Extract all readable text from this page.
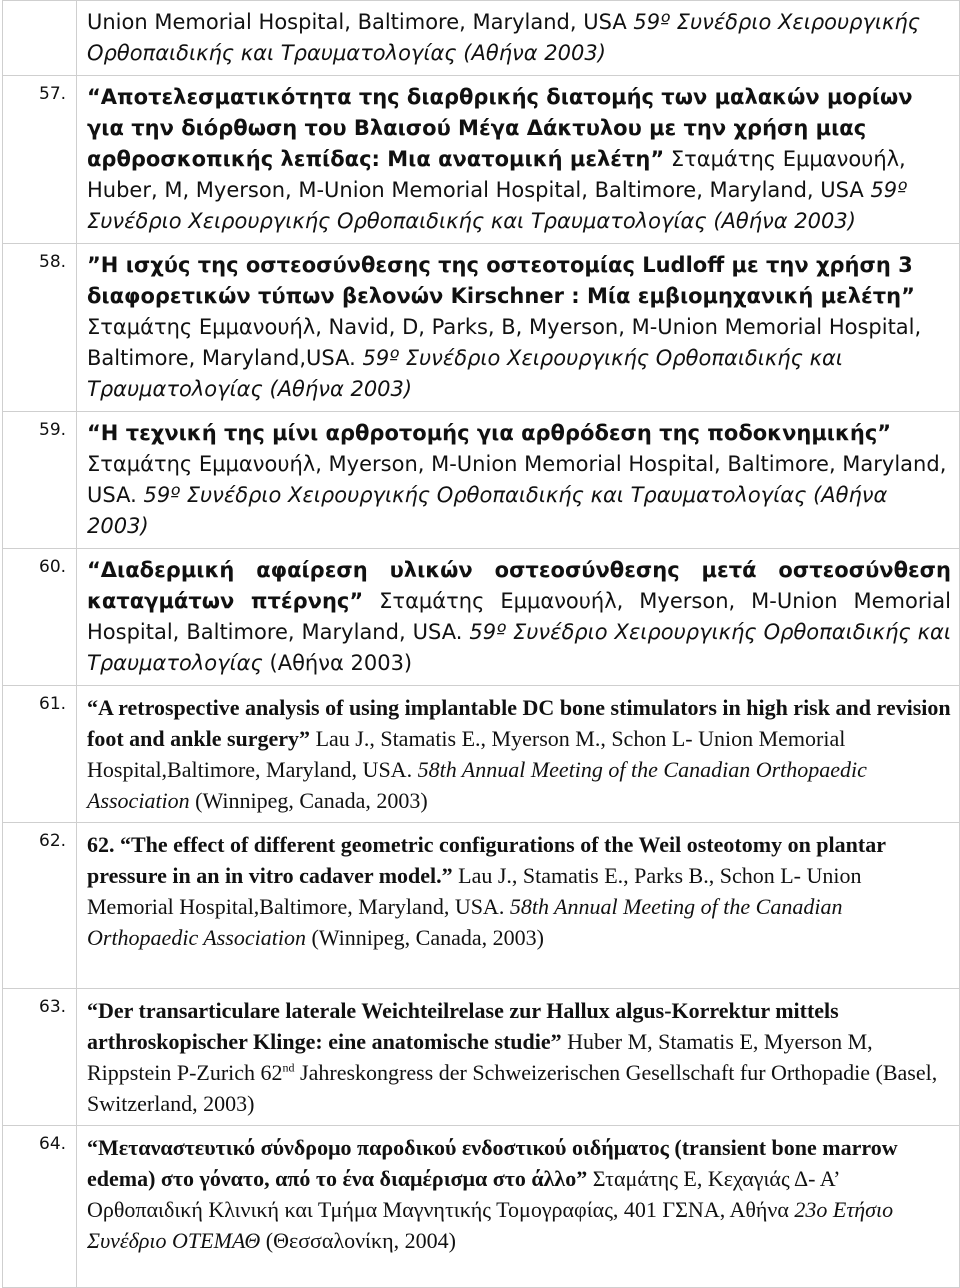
	Union Memorial Hospital, Baltimore, Maryland, USA 59º Συνέδριο Χειρουργικής Ορθοπαιδικής και Τραυματολογίας (Αθήνα 2003)

57.	“Αποτελεσματικότητα της διαρθρικής διατομής των μαλακών μορίων για την διόρθωση του Βλαισού Μέγα Δάκτυλου με την χρήση μιας αρθροσκοπικής λεπίδας: Μια ανατομική μελέτη” Σταμάτης Εμμανουήλ, Huber, M, Myerson, M-Union Memorial Hospital, Baltimore, Maryland, USA 59º Συνέδριο Χειρουργικής Ορθοπαιδικής και Τραυματολογίας (Αθήνα 2003)

58.	”Η ισχύς της οστεοσύνθεσης της οστεοτομίας Ludloff με την χρήση 3 διαφορετικών τύπων βελονών Kirschner : Μία εμβιομηχανική μελέτη” Σταμάτης Εμμανουήλ, Navid, D, Parks, B, Myerson, M-Union Memorial Hospital, Baltimore, Maryland,USA. 59º Συνέδριο Χειρουργικής Ορθοπαιδικής και Τραυματολογίας (Αθήνα 2003)

59.	“Η τεχνική της μίνι αρθροτομής για αρθρόδεση της ποδοκνημικής” Σταμάτης Εμμανουήλ, Myerson, M-Union Memorial Hospital, Baltimore, Maryland, USA. 59º Συνέδριο Χειρουργικής Ορθοπαιδικής και Τραυματολογίας (Αθήνα 2003)

60.	“Διαδερμική αφαίρεση υλικών οστεοσύνθεσης μετά οστεοσύνθεση καταγμάτων πτέρνης” Σταμάτης Εμμανουήλ, Myerson, M-Union Memorial Hospital, Baltimore, Maryland, USA. 59º Συνέδριο Χειρουργικής Ορθοπαιδικής και Τραυματολογίας (Αθήνα 2003)

61.	“A retrospective analysis of using implantable DC bone stimulators in high risk and revision foot and ankle surgery” Lau J., Stamatis E., Myerson M., Schon L- Union Memorial Hospital,Baltimore, Maryland, USA. 58th Annual Meeting of the Canadian Orthopaedic Association (Winnipeg, Canada, 2003)

62.	62. “The effect of different geometric configurations of the Weil osteotomy on plantar pressure in an in vitro cadaver model.” Lau J., Stamatis E., Parks B., Schon L- Union Memorial Hospital,Baltimore, Maryland, USA. 58th Annual Meeting of the Canadian Orthopaedic Association (Winnipeg, Canada, 2003)

63.	“Der transarticulare laterale Weichteilrelase zur Hallux algus-Korrektur mittels arthroskopischer Klinge: eine anatomische studie” Huber M, Stamatis E, Myerson M, Rippstein P-Zurich 62nd Jahreskongress der Schweizerischen Gesellschaft fur Orthopadie (Basel, Switzerland, 2003)

64.	“Μεταναστευτικό σύνδρομο παροδικού ενδοστικού οιδήματος (transient bone marrow edema) στο γόνατο, από το ένα διαμέρισμα στο άλλο” Σταμάτης Ε, Κεχαγιάς Δ- Α’ Ορθοπαιδική Κλινική και Τμήμα Μαγνητικής Τομογραφίας, 401 ΓΣΝΑ, Αθήνα 23ο Ετήσιο Συνέδριο ΟΤΕΜΑΘ (Θεσσαλονίκη, 2004)
